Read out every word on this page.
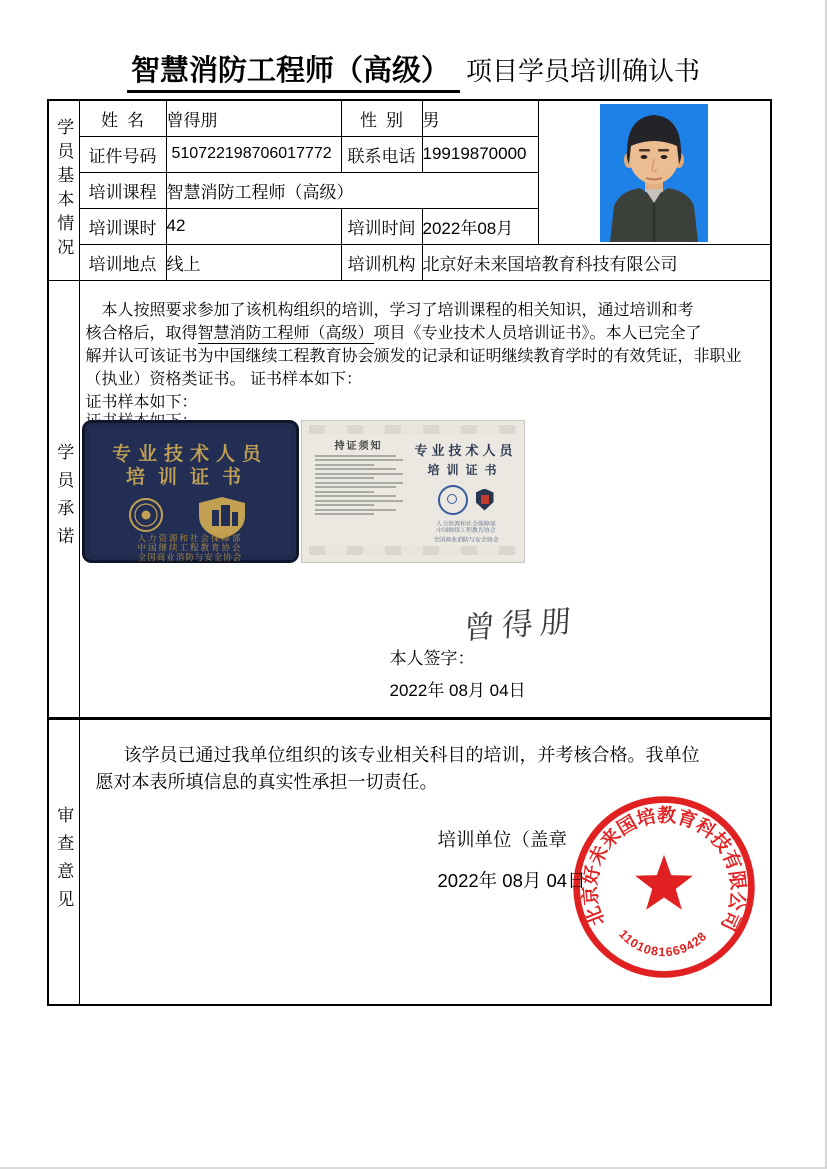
智慧消防工程师（高级） 项目学员培训确认书
学员基本情况	姓名	曾得朋	性别	男	

	证件号码	510722198706017772	联系电话	19919870000	
	培训课程	智慧消防工程师（高级）			
	培训课时	42	培训时间	2022年08月	
	培训地点	线上	培训机构	北京好未来国培教育科技有限公司	

学员承诺

本人按照要求参加了该机构组织的培训，学习了培训课程的相关知识，通过培训和考
核合格后，取得智慧消防工程师（高级）项目《专业技术人员培训证书》。本人已完全了
解并认可该证书为中国继续工程教育协会颁发的记录和证明继续教育学时的有效凭证，非职业
（执业）资格类证书。 证书样本如下：
证书样本如下：
专业技术人员
培训证书
人力资源和社会保障部
中国继续工程教育协会
全国商业消防与安全协会
持证须知	专业技术人员
培训证书
人力资源和社会保障部
中国继续工程教育协会
全国商业消防与安全协会
曾得朋
本人签字：
2022年 08月 04日

审查意见

该学员已通过我单位组织的该专业相关科目的培训，并考核合格。我单位
愿对本表所填信息的真实性承担一切责任。
培训单位（盖章
2022年 08月 04日
北京好未来国培教育科技有限公司
1101081669428
